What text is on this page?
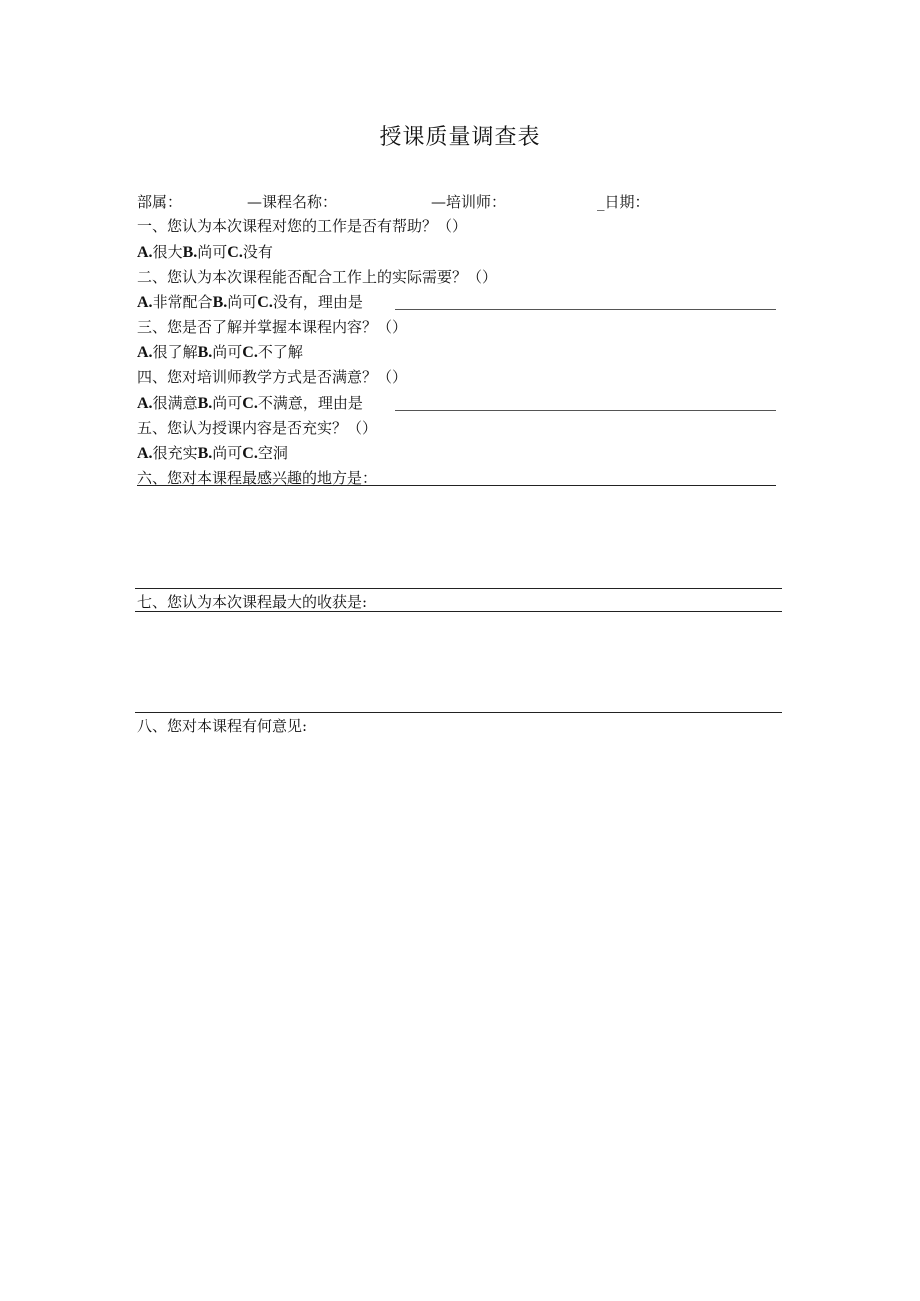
授课质量调查表
部属：	—课程名称：	—培训师：	_日期：
一、您认为本次课程对您的工作是否有帮助？（）
A.很大B.尚可C.没有
二、您认为本次课程能否配合工作上的实际需要？（）
A.非常配合B.尚可C.没有，理由是
三、您是否了解并掌握本课程内容？（）
A.很了解B.尚可C.不了解
四、您对培训师教学方式是否满意？（）
A.很满意B.尚可C.不满意，理由是
五、您认为授课内容是否充实？（）
A.很充实B.尚可C.空洞
六、您对本课程最感兴趣的地方是：
七、您认为本次课程最大的收获是:
八、您对本课程有何意见:
